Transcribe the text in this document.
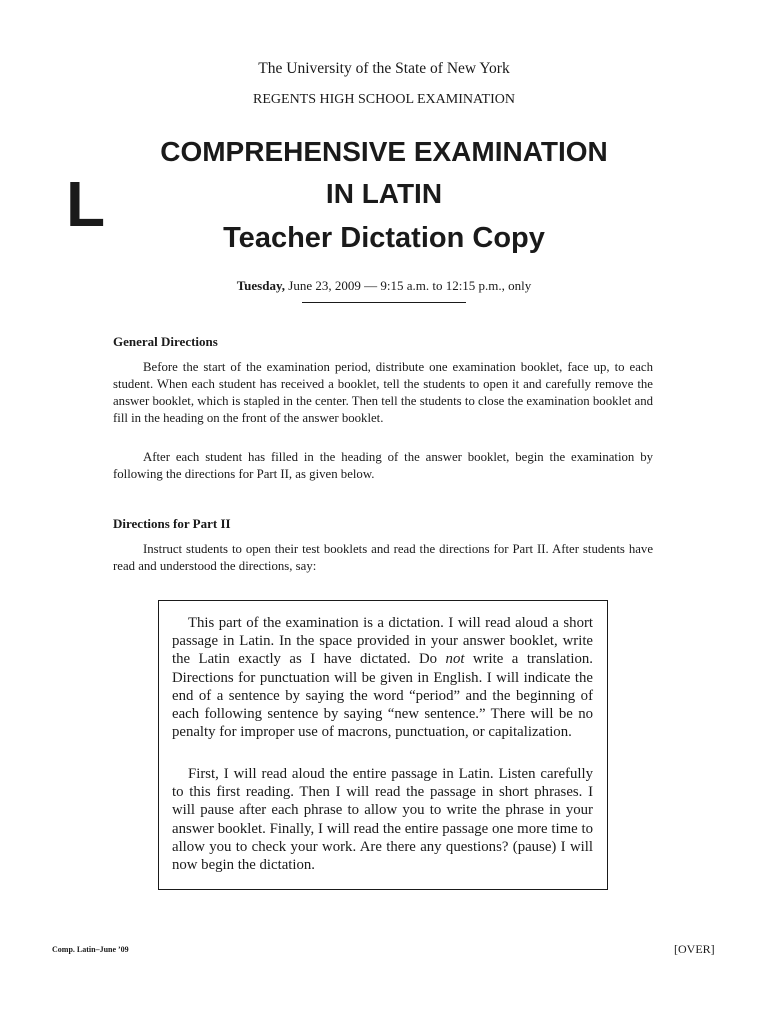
The University of the State of New York
REGENTS HIGH SCHOOL EXAMINATION
L
COMPREHENSIVE EXAMINATION
IN LATIN
Teacher Dictation Copy
Tuesday, June 23, 2009 — 9:15 a.m. to 12:15 p.m., only
General Directions

Before the start of the examination period, distribute one examination booklet, face up, to each student. When each student has received a booklet, tell the students to open it and carefully remove the answer booklet, which is stapled in the center. Then tell the students to close the examination booklet and fill in the heading on the front of the answer booklet.

After each student has filled in the heading of the answer booklet, begin the examination by following the directions for Part II, as given below.

Directions for Part II

Instruct students to open their test booklets and read the directions for Part II. After students have read and understood the directions, say:

This part of the examination is a dictation. I will read aloud a short passage in Latin. In the space provided in your answer booklet, write the Latin exactly as I have dictated. Do not write a translation. Directions for punctuation will be given in English. I will indicate the end of a sentence by saying the word “period” and the beginning of each following sentence by saying “new sentence.” There will be no penalty for improper use of macrons, punctuation, or capitalization.

First, I will read aloud the entire passage in Latin. Listen carefully to this first reading. Then I will read the passage in short phrases. I will pause after each phrase to allow you to write the phrase in your answer booklet. Finally, I will read the entire passage one more time to allow you to check your work. Are there any questions? (pause) I will now begin the dictation.

Comp. Latin–June ’09	[OVER]
